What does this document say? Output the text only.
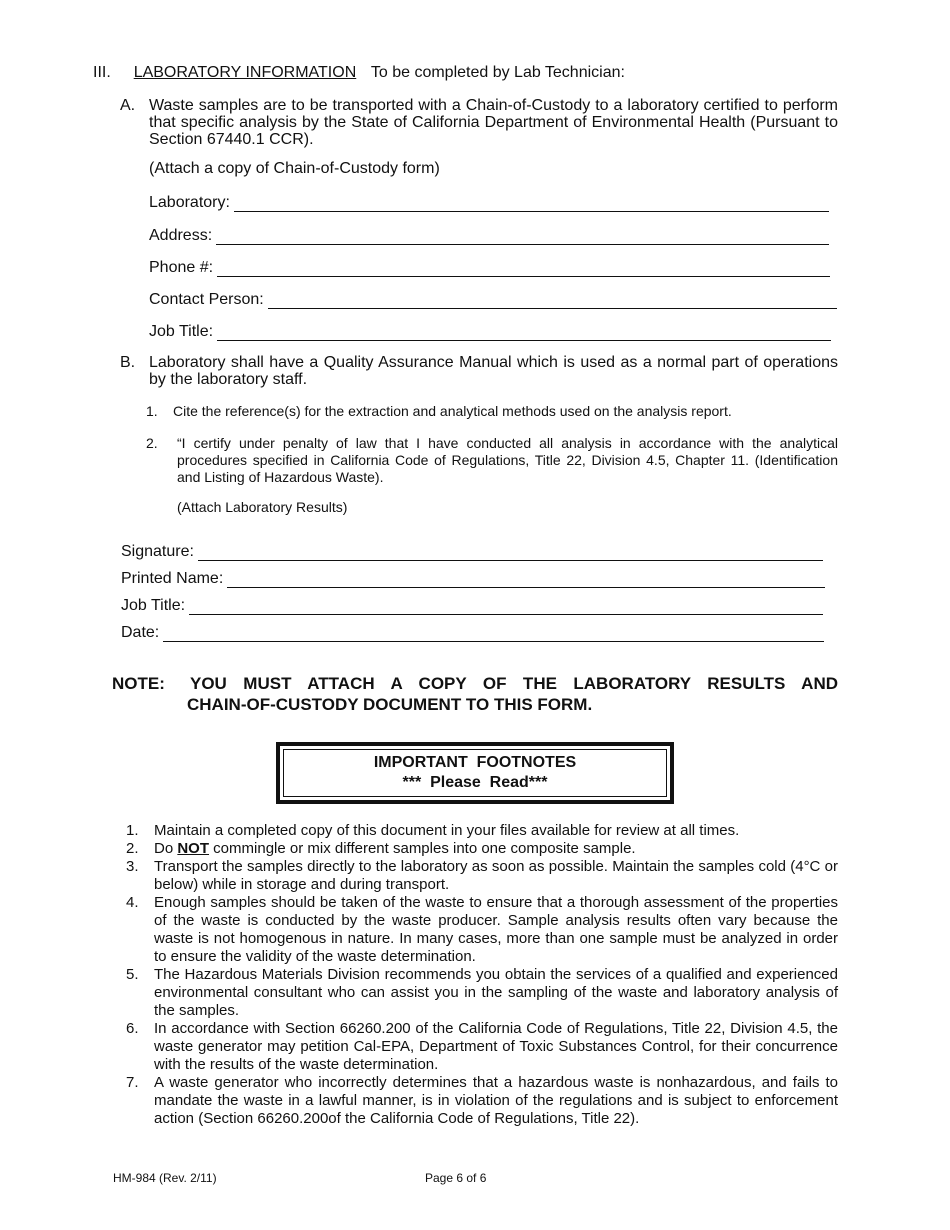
III. LABORATORY INFORMATION To be completed by Lab Technician:
A. Waste samples are to be transported with a Chain-of-Custody to a laboratory certified to perform that specific analysis by the State of California Department of Environmental Health (Pursuant to Section 67440.1 CCR).
(Attach a copy of Chain-of-Custody form)
Laboratory:
Address:
Phone #:
Contact Person:
Job Title:
B. Laboratory shall have a Quality Assurance Manual which is used as a normal part of operations by the laboratory staff.
1. Cite the reference(s) for the extraction and analytical methods used on the analysis report.
2.	“I certify under penalty of law that I have conducted all analysis in accordance with the analytical procedures specified in California Code of Regulations, Title 22, Division 4.5, Chapter 11. (Identification and Listing of Hazardous Waste).
(Attach Laboratory Results)
Signature:
Printed Name:
Job Title:
Date:
NOTE: YOU MUST ATTACH A COPY OF THE LABORATORY RESULTS AND
CHAIN-OF-CUSTODY DOCUMENT TO THIS FORM.
IMPORTANT  FOOTNOTES
***  Please  Read***
1.	Maintain a completed copy of this document in your files available for review at all times.
2.	Do NOT commingle or mix different samples into one composite sample.
3.	Transport the samples directly to the laboratory as soon as possible. Maintain the samples cold (4°C or below) while in storage and during transport.
4.	Enough samples should be taken of the waste to ensure that a thorough assessment of the properties of the waste is conducted by the waste producer. Sample analysis results often vary because the waste is not homogenous in nature. In many cases, more than one sample must be analyzed in order to ensure the validity of the waste determination.
5.	The Hazardous Materials Division recommends you obtain the services of a qualified and experienced environmental consultant who can assist you in the sampling of the waste and laboratory analysis of the samples.
6.	In accordance with Section 66260.200 of the California Code of Regulations, Title 22, Division 4.5, the waste generator may petition Cal-EPA, Department of Toxic Substances Control, for their concurrence with the results of the waste determination.
7.	A waste generator who incorrectly determines that a hazardous waste is nonhazardous, and fails to mandate the waste in a lawful manner, is in violation of the regulations and is subject to enforcement action (Section 66260.200of the California Code of Regulations, Title 22).
HM-984 (Rev. 2/11)	Page 6 of 6
